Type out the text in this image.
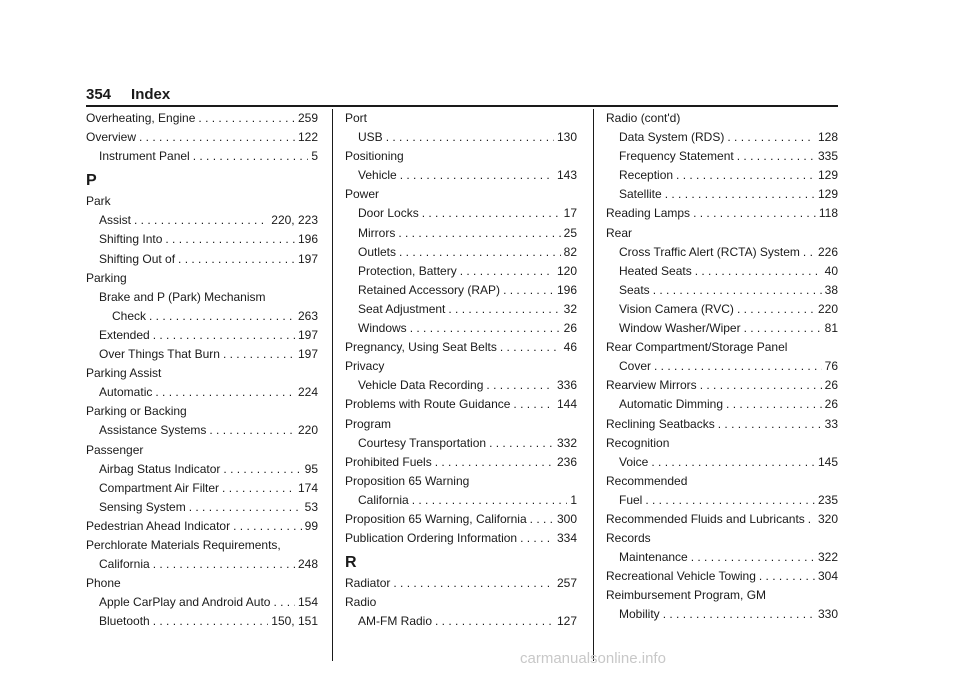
354 Index
Overheating, Engine . . .	259
Overview . . .	122
Instrument Panel . . .	5
P
Park
Assist . . .	220, 223
Shifting Into . . .	196
Shifting Out of . . .	197
Parking
Brake and P (Park) Mechanism
Check . . .	263
Extended . . .	197
Over Things That Burn . . .	197
Parking Assist
Automatic . . .	224
Parking or Backing
Assistance Systems . . .	220
Passenger
Airbag Status Indicator . . .	95
Compartment Air Filter . . .	174
Sensing System . . .	53
Pedestrian Ahead Indicator . . .	99
Perchlorate Materials Requirements,
California . . .	248
Phone
Apple CarPlay and Android Auto . . . 154
Bluetooth . . .	150, 151
Port
USB . . .	130
Positioning
Vehicle . . .	143
Power
Door Locks . . .	17
Mirrors . . .	25
Outlets . . .	82
Protection, Battery . . .	120
Retained Accessory (RAP) . . .	196
Seat Adjustment . . .	32
Windows . . .	26
Pregnancy, Using Seat Belts . . .	46
Privacy
Vehicle Data Recording . . .	336
Problems with Route Guidance . . .	144
Program
Courtesy Transportation . . .	332
Prohibited Fuels . . .	236
Proposition 65 Warning
California . . .	1
Proposition 65 Warning, California . . .	300
Publication Ordering Information . . .	334
R
Radiator . . .	257
Radio
AM-FM Radio . . .	127
Radio (cont'd)
Data System (RDS) . . .	128
Frequency Statement . . .	335
Reception . . .	129
Satellite . . .	129
Reading Lamps . . .	118
Rear
Cross Traffic Alert (RCTA) System . . . 226
Heated Seats . . .	40
Seats . . .	38
Vision Camera (RVC) . . .	220
Window Washer/Wiper . . .	81
Rear Compartment/Storage Panel
Cover . . .	76
Rearview Mirrors . . .	26
Automatic Dimming . . .	26
Reclining Seatbacks . . .	33
Recognition
Voice . . .	145
Recommended
Fuel . . .	235
Recommended Fluids and Lubricants . . . 320
Records
Maintenance . . .	322
Recreational Vehicle Towing . . .	304
Reimbursement Program, GM
Mobility . . .	330
carmanualsonline.info
